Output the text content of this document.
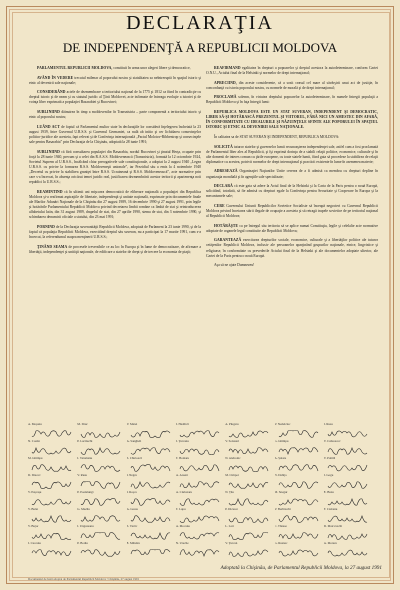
DECLARAŢIA
DE INDEPENDENŢĂ A REPUBLICII MOLDOVA

PARLAMENTUL REPUBLICII MOLDOVA, constituit în urma unor alegeri libere şi democratice,

AVÂND ÎN VEDERE trecutul milenar al poporului nostru şi statalitatea sa neîntreruptă în spaţiul istoric şi etnic al devenirii sale naţionale;

CONSIDERÂND actele de dezmembrare a teritoriului naţional de la 1775 şi 1812 ca fiind în contradicţie cu dreptul istoric şi de neam şi cu statutul juridic al Ţării Moldovei, acte infirmate de întreaga evoluţie a istoriei şi de voinţa liber exprimată a populaţiei Basarabiei şi Bucovinei;

SUBLINIIND dăinuirea în timp a moldovenilor în Transnistria – parte componentă a teritoriului istoric şi etnic al poporului nostru;

LUÂND ACT de faptul că Parlamentul multor state în declaraţiile lor consideră înţelegerea încheiată la 23 august 1939, între Guvernul U.R.S.S. şi Guvernul Germaniei, ca nulă ab initio şi cer lichidarea consecinţelor politico-juridice ale acesteia, fapt relevat şi de Conferinţa internaţională „Pactul Molotov-Ribbentrop şi consecinţele sale pentru Basarabia” prin Declaraţia de la Chişinău, adoptată la 28 iunie 1991;

SUBLINIIND că fără consultarea populaţiei din Basarabia, nordul Bucovinei şi ţinutul Herţa, ocupate prin forţă la 28 iunie 1940, precum şi a celei din R.A.S.S. Moldovenească (Transnistria), formată la 12 octombrie 1924, Sovietul Suprem al U.R.S.S., încălcând chiar prerogativele sale constituţionale, a adoptat la 2 august 1940 „Legea U.R.S.S. cu privire la formarea R.S.S. Moldoveneşti unionale”, iar Prezidiul său a emis la 4 noiembrie 1940 „Decretul cu privire la stabilirea graniţei între R.S.S. Ucraineană şi R.S.S. Moldovenească”, acte normative prin care s-a încercat, în absenţa oricărui temei juridic real, justificarea dezmembrării acestor teritorii şi apartenenţa noii republici la U.R.S.S.;

REAMINTIND că în ultimii ani mişcarea democratică de eliberare naţională a populaţiei din Republica Moldova şi-a reafirmat aspiraţiile de libertate, independenţă şi unitate naţională, exprimate prin documentele finale ale Marilor Adunări Naţionale de la Chişinău din 27 august 1989, 16 decembrie 1990 şi 27 august 1991, prin legile şi hotărârile Parlamentului Republicii Moldova privind decretarea limbii române ca limbă de stat şi reintroducerea alfabetului latin, din 31 august 1989, drapelul de stat, din 27 aprilie 1990, stema de stat, din 3 noiembrie 1990, şi schimbarea denumirii oficiale a statului, din 23 mai 1991;

PORNIND de la Declaraţia suveranităţii Republicii Moldova, adoptată de Parlament la 23 iunie 1990, şi de la faptul că populaţia Republicii Moldova, exercitând dreptul său suveran, nu a participat la 17 martie 1991, cum s-a încercat, la referendumul asupra menţinerii U.R.S.S.;

ŢINÂND SEAMA de procesele ireversibile ce au loc în Europa şi în lume de democratizare, de afirmare a libertăţii, independenţei şi unităţii naţionale, de edificare a statelor de drept şi de trecere la economia de piaţă;

REAFIRMÂND egalitatea în drepturi a popoarelor şi dreptul acestora la autodeterminare, conform Cartei O.N.U., Actului final de la Helsinki şi normelor de drept internaţional;

APRECIIND, din aceste considerente, că a sosit ceasul cel mare al săvârşirii unui act de justiţie, în concordanţă cu istoria poporului nostru, cu normele de morală şi de drept internaţional;

PROCLAMĂ solemn, în virtutea dreptului popoarelor la autodeterminare, în numele întregii populaţii a Republicii Moldova şi în faţa întregii lumi:

REPUBLICA MOLDOVA ESTE UN STAT SUVERAN, INDEPENDENT ŞI DEMOCRATIC, LIBER SĂ-ŞI HOTĂRASCĂ PREZENTUL ŞI VIITORUL, FĂRĂ NICI UN AMESTEC DIN AFARĂ, ÎN CONFORMITATE CU IDEALURILE ŞI NĂZUINŢELE SFINTE ALE POPORULUI ÎN SPAŢIUL ISTORIC ŞI ETNIC AL DEVENIRII SALE NAŢIONALE.

În calitatea sa de STAT SUVERAN ŞI INDEPENDENT, REPUBLICA MOLDOVA:

SOLICITĂ tuturor statelor şi guvernelor lumii recunoaşterea independenţei sale, astfel cum a fost proclamată de Parlamentul liber ales al Republicii, şi îşi exprimă dorinţa de a stabili relaţii politice, economice, culturale şi în alte domenii de interes comun cu ţările europene, cu toate statele lumii, fiind gata să procedeze la stabilirea de relaţii diplomatice cu acestea, potrivit normelor de drept internaţional şi practicii existente în lume în asemenea materie;

ADRESEAZĂ Organizaţiei Naţiunilor Unite cererea de a fi admisă ca membru cu drepturi depline în organizaţia mondială şi în agenţiile sale specializate;

DECLARĂ că este gata să adere la Actul final de la Helsinki şi la Carta de la Paris pentru o nouă Europă, solicitând, totodată, să fie admisă cu drepturi egale la Conferinţa pentru Securitate şi Cooperare în Europa şi la mecanismele sale;

CERE Guvernului Uniunii Republicilor Sovietice Socialiste să înceapă negocieri cu Guvernul Republicii Moldova privind încetarea stării ilegale de ocupaţie a acesteia şi să retragă trupele sovietice de pe teritoriul naţional al Republicii Moldova;

HOTĂRĂŞTE ca pe întregul său teritoriu să se aplice numai Constituţia, legile şi celelalte acte normative adoptate de organele legal constituite ale Republicii Moldova;

GARANTEAZĂ exercitarea drepturilor sociale, economice, culturale şi a libertăţilor politice ale tuturor cetăţenilor Republicii Moldova, inclusiv ale persoanelor aparţinând grupurilor naţionale, etnice, lingvistice şi religioase, în conformitate cu prevederile Actului final de la Helsinki şi ale documentelor adoptate ulterior, ale Cartei de la Paris pentru o nouă Europă.

Aşa să ne ajute Dumnezeu!

A. Moşanu	M. Druc	V. Matei	I. Hadârcă	A. Plugaru	V. Nedelciuc	I. Rusu
N. Costin	P. Lucinschi	A. Sangheli	I. Ţurcanu	V. Solonari	G. Ghimpu	V. Cubreacov
M. Ghimpu	I. Vatamanu	S. Chirtoacă	T. Botnaru	N. Andronic	A. Şalaru	V. Pohilă
D. Diacov	V. Rusu	I. Negru	A. Arseni	M. Cimpoi	N. Dabija	I. Gogu
V. Puşcaşu	P. Poalelungi	I. Roşca	A. Ciubotaru	N. Ţâu	M. Snegur	E. Buzu
V. Bulat	G. Mazilu	A. Grosu	T. Lupu	P. Dicusar	V. Berlinschi	F. Ciobanu
V. Bujor	I. Ungureanu	S. Vartic	A. Mocanu	L. Lari	C. Tănase	D. Matcovschi
I. Ciocanu	P. Bodiu	E. Mândru	N. Ureche	V. Ţurcan	G. Rusnac	A. Moraru
Adoptată la Chişinău, de Parlamentul Republicii Moldova, la 27 august 1991
Documentul de bază adoptat de Parlamentul Republicii Moldova • Chişinău, 27 august 1991
